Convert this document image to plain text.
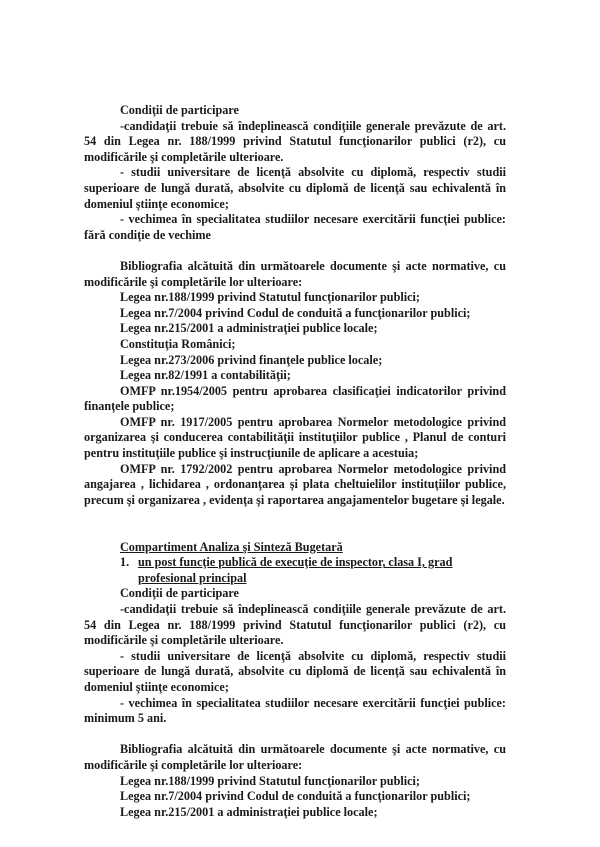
Condiţii de participare

-candidaţii trebuie să îndeplinească condiţiile generale prevăzute de art. 54 din Legea nr. 188/1999 privind Statutul funcţionarilor publici (r2), cu modificările şi completările ulterioare.

- studii universitare de licenţă absolvite cu diplomă, respectiv studii superioare de lungă durată, absolvite cu diplomă de licenţă sau echivalentă în domeniul ştiinţe economice;

- vechimea în specialitatea studiilor necesare exercitării funcţiei publice: fără condiţie de vechime

Bibliografia alcătuită din următoarele documente şi acte normative, cu modificările şi completările lor ulterioare:

Legea nr.188/1999 privind Statutul funcţionarilor publici;

Legea nr.7/2004 privind Codul de conduită a funcţionarilor publici;

Legea nr.215/2001 a administraţiei publice locale;

Constituţia Românici;

Legea nr.273/2006 privind finanţele publice locale;

Legea nr.82/1991 a contabilităţii;

OMFP nr.1954/2005 pentru aprobarea clasificaţiei indicatorilor privind finanţele publice;

OMFP nr. 1917/2005 pentru aprobarea Normelor metodologice privind organizarea şi conducerea contabilităţii instituţiilor publice , Planul de conturi pentru instituţiile publice şi instrucţiunile de aplicare a acestuia;

OMFP nr. 1792/2002 pentru aprobarea Normelor metodologice privind angajarea , lichidarea , ordonanţarea şi plata cheltuielilor instituţiilor publice, precum şi organizarea , evidenţa şi raportarea angajamentelor bugetare şi legale.

Compartiment Analiza şi Sinteză Bugetară

1. un post funcţie publică de execuţie de inspector, clasa I, grad profesional principal

Condiţii de participare

-candidaţii trebuie să îndeplinească condiţiile generale prevăzute de art. 54 din Legea nr. 188/1999 privind Statutul funcţionarilor publici (r2), cu modificările şi completările ulterioare.

- studii universitare de licenţă absolvite cu diplomă, respectiv studii superioare de lungă durată, absolvite cu diplomă de licenţă sau echivalentă în domeniul ştiinţe economice;

- vechimea în specialitatea studiilor necesare exercitării funcţiei publice: minimum 5 ani.

Bibliografia alcătuită din următoarele documente şi acte normative, cu modificările şi completările lor ulterioare:

Legea nr.188/1999 privind Statutul funcţionarilor publici;

Legea nr.7/2004 privind Codul de conduită a funcţionarilor publici;

Legea nr.215/2001 a administraţiei publice locale;
